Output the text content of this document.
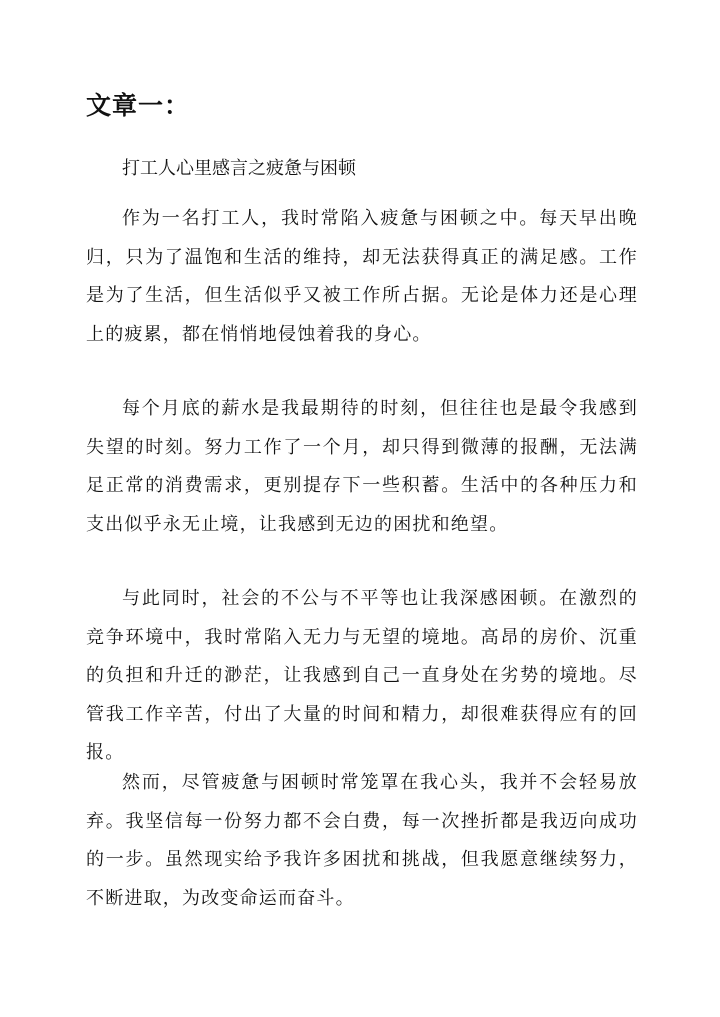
文章一：
打工人心里感言之疲惫与困顿

作为一名打工人，我时常陷入疲惫与困顿之中。每天早出晚归，只为了温饱和生活的维持，却无法获得真正的满足感。工作是为了生活，但生活似乎又被工作所占据。无论是体力还是心理上的疲累，都在悄悄地侵蚀着我的身心。

每个月底的薪水是我最期待的时刻，但往往也是最令我感到失望的时刻。努力工作了一个月，却只得到微薄的报酬，无法满足正常的消费需求，更别提存下一些积蓄。生活中的各种压力和支出似乎永无止境，让我感到无边的困扰和绝望。

与此同时，社会的不公与不平等也让我深感困顿。在激烈的竞争环境中，我时常陷入无力与无望的境地。高昂的房价、沉重的负担和升迁的渺茫，让我感到自己一直身处在劣势的境地。尽管我工作辛苦，付出了大量的时间和精力，却很难获得应有的回报。

然而，尽管疲惫与困顿时常笼罩在我心头，我并不会轻易放弃。我坚信每一份努力都不会白费，每一次挫折都是我迈向成功的一步。虽然现实给予我许多困扰和挑战，但我愿意继续努力，不断进取，为改变命运而奋斗。
